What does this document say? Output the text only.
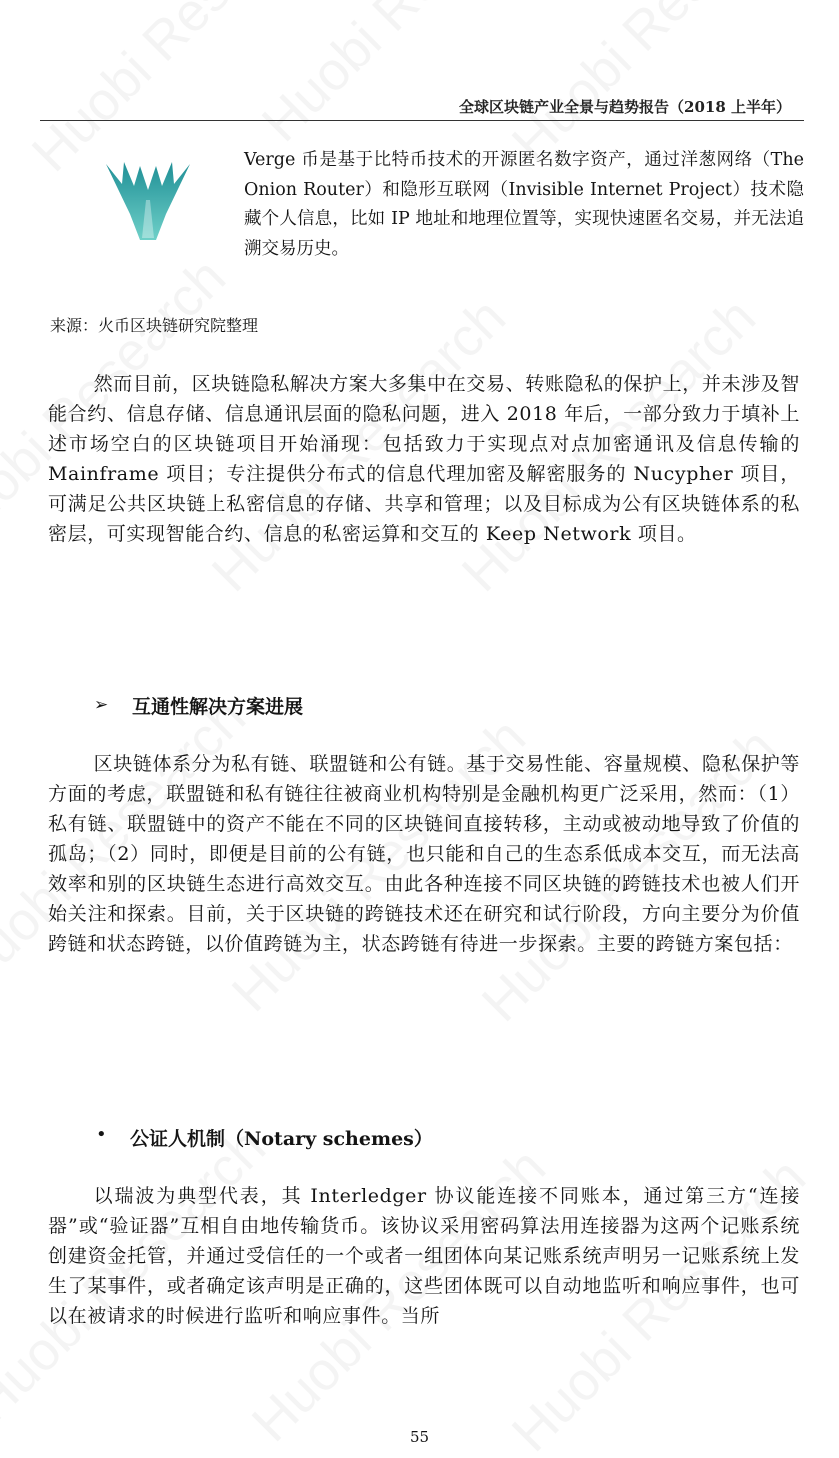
全球区块链产业全景与趋势报告（2018 上半年）
Verge 币是基于比特币技术的开源匿名数字资产，通过洋葱网络（The Onion Router）和隐形互联网（Invisible Internet Project）技术隐藏个人信息，比如 IP 地址和地理位置等，实现快速匿名交易，并无法追溯交易历史。
来源：火币区块链研究院整理

然而目前，区块链隐私解决方案大多集中在交易、转账隐私的保护上，并未涉及智能合约、信息存储、信息通讯层面的隐私问题，进入 2018 年后，一部分致力于填补上述市场空白的区块链项目开始涌现：包括致力于实现点对点加密通讯及信息传输的 Mainframe 项目；专注提供分布式的信息代理加密及解密服务的 Nucypher 项目，可满足公共区块链上私密信息的存储、共享和管理；以及目标成为公有区块链体系的私密层，可实现智能合约、信息的私密运算和交互的 Keep Network 项目。

➢ 互通性解决方案进展

区块链体系分为私有链、联盟链和公有链。基于交易性能、容量规模、隐私保护等方面的考虑，联盟链和私有链往往被商业机构特别是金融机构更广泛采用，然而：（1）私有链、联盟链中的资产不能在不同的区块链间直接转移，主动或被动地导致了价值的孤岛；（2）同时，即便是目前的公有链，也只能和自己的生态系低成本交互，而无法高效率和别的区块链生态进行高效交互。由此各种连接不同区块链的跨链技术也被人们开始关注和探索。目前，关于区块链的跨链技术还在研究和试行阶段，方向主要分为价值跨链和状态跨链，以价值跨链为主，状态跨链有待进一步探索。主要的跨链方案包括：

• 公证人机制（Notary schemes）

以瑞波为典型代表，其 Interledger 协议能连接不同账本，通过第三方“连接器”或“验证器”互相自由地传输货币。该协议采用密码算法用连接器为这两个记账系统创建资金托管，并通过受信任的一个或者一组团体向某记账系统声明另一记账系统上发生了某事件，或者确定该声明是正确的，这些团体既可以自动地监听和响应事件，也可以在被请求的时候进行监听和响应事件。当所

55
